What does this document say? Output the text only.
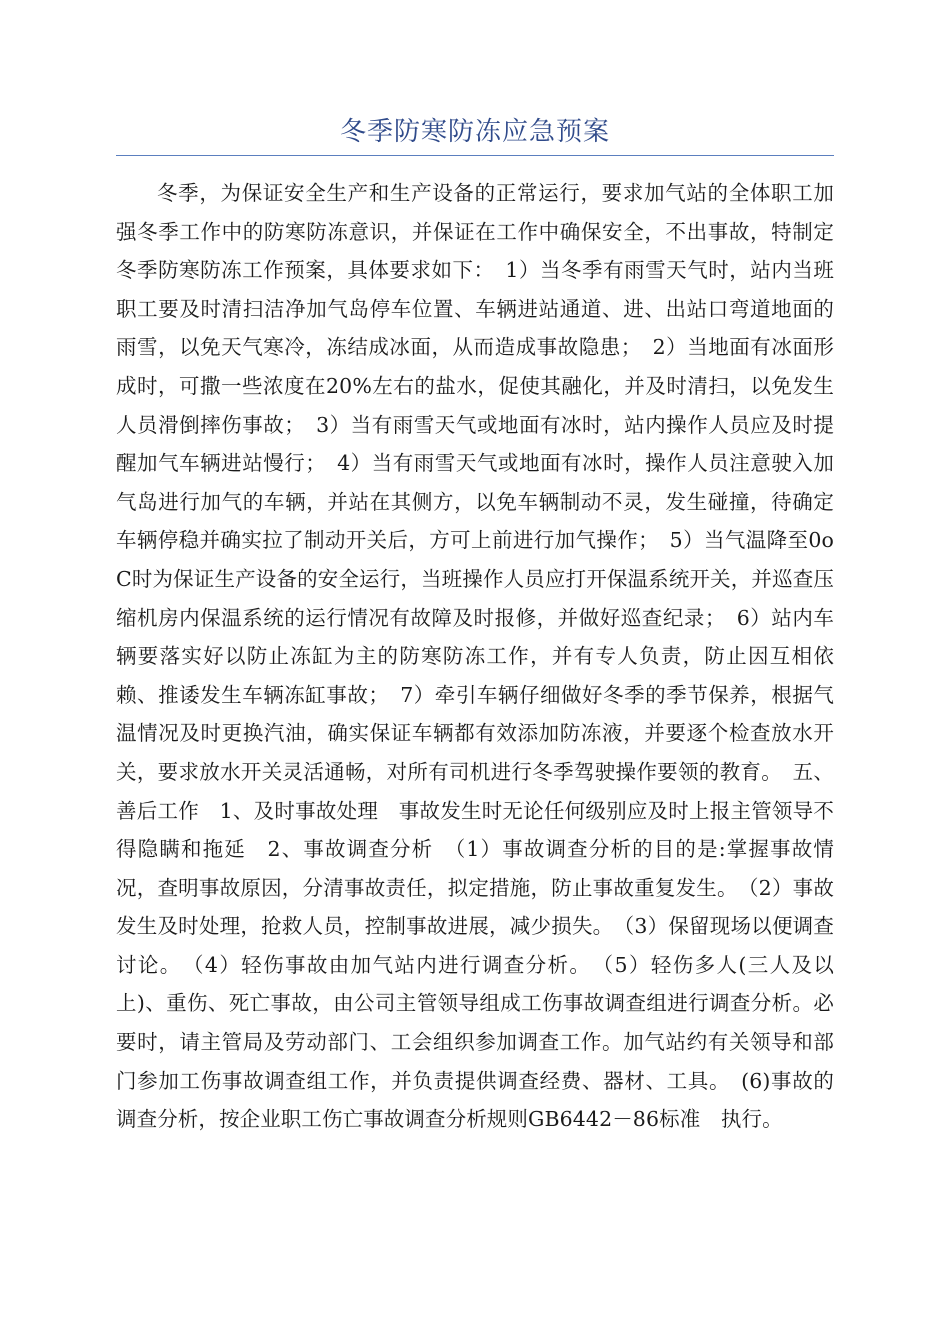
冬季防寒防冻应急预案

冬季，为保证安全生产和生产设备的正常运行，要求加气站的全体职工加强冬季工作中的防寒防冻意识，并保证在工作中确保安全，不出事故，特制定冬季防寒防冻工作预案，具体要求如下：　1）当冬季有雨雪天气时，站内当班职工要及时清扫洁净加气岛停车位置、车辆进站通道、进、出站口弯道地面的雨雪，以免天气寒冷，冻结成冰面，从而造成事故隐患；　2）当地面有冰面形成时，可撒一些浓度在20%左右的盐水，促使其融化，并及时清扫，以免发生人员滑倒摔伤事故；　3）当有雨雪天气或地面有冰时，站内操作人员应及时提醒加气车辆进站慢行；　4）当有雨雪天气或地面有冰时，操作人员注意驶入加气岛进行加气的车辆，并站在其侧方，以免车辆制动不灵，发生碰撞，待确定车辆停稳并确实拉了制动开关后，方可上前进行加气操作；　5）当气温降至0oC时为保证生产设备的安全运行，当班操作人员应打开保温系统开关，并巡查压缩机房内保温系统的运行情况有故障及时报修，并做好巡查纪录；　6）站内车辆要落实好以防止冻缸为主的防寒防冻工作，并有专人负责，防止因互相依赖、推诿发生车辆冻缸事故；　7）牵引车辆仔细做好冬季的季节保养，根据气温情况及时更换汽油，确实保证车辆都有效添加防冻液，并要逐个检查放水开关，要求放水开关灵活通畅，对所有司机进行冬季驾驶操作要领的教育。　五、善后工作　1、及时事故处理　事故发生时无论任何级别应及时上报主管领导不得隐瞒和拖延　2、事故调查分析　（1）事故调查分析的目的是:掌握事故情况，查明事故原因，分清事故责任，拟定措施，防止事故重复发生。　（2）事故发生及时处理，抢救人员，控制事故进展，减少损失。　（3）保留现场以便调查讨论。　（4）轻伤事故由加气站内进行调查分析。　（5）轻伤多人(三人及以上)、重伤、死亡事故，由公司主管领导组成工伤事故调查组进行调查分析。必要时，请主管局及劳动部门、工会组织参加调查工作。加气站约有关领导和部门参加工伤事故调查组工作，并负责提供调查经费、器材、工具。　(6)事故的调查分析，按企业职工伤亡事故调查分析规则GB6442－86标准　执行。
